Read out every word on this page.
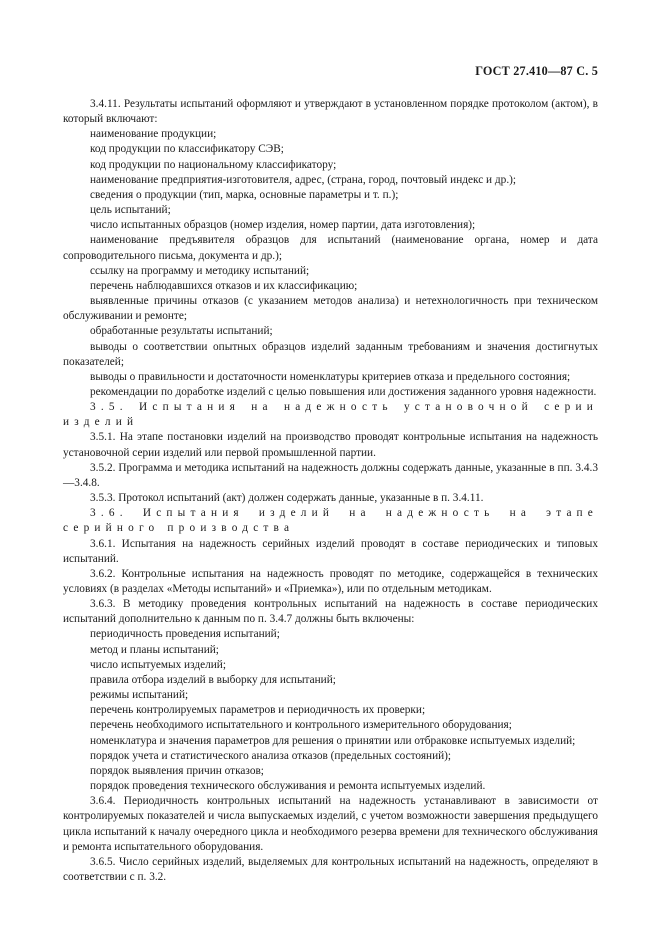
ГОСТ 27.410—87 С. 5

3.4.11. Результаты испытаний оформляют и утверждают в установленном порядке протоколом (актом), в который включают:

наименование продукции;

код продукции по классификатору СЭВ;

код продукции по национальному классификатору;

наименование предприятия-изготовителя, адрес, (страна, город, почтовый индекс и др.);

сведения о продукции (тип, марка, основные параметры и т. п.);

цель испытаний;

число испытанных образцов (номер изделия, номер партии, дата изготовления);

наименование предъявителя образцов для испытаний (наименование органа, номер и дата сопроводительного письма, документа и др.);

ссылку на программу и методику испытаний;

перечень наблюдавшихся отказов и их классификацию;

выявленные причины отказов (с указанием методов анализа) и нетехнологичность при техническом обслуживании и ремонте;

обработанные результаты испытаний;

выводы о соответствии опытных образцов изделий заданным требованиям и значения достигнутых показателей;

выводы о правильности и достаточности номенклатуры критериев отказа и предельного состояния;

рекомендации по доработке изделий с целью повышения или достижения заданного уровня надежности.

3.5. Испытания на надежность установочной серии изделий

3.5.1. На этапе постановки изделий на производство проводят контрольные испытания на надежность установочной серии изделий или первой промышленной партии.

3.5.2. Программа и методика испытаний на надежность должны содержать данные, указанные в пп. 3.4.3—3.4.8.

3.5.3. Протокол испытаний (акт) должен содержать данные, указанные в п. 3.4.11.

3.6. Испытания изделий на надежность на этапе серийного производства

3.6.1. Испытания на надежность серийных изделий проводят в составе периодических и типовых испытаний.

3.6.2. Контрольные испытания на надежность проводят по методике, содержащейся в технических условиях (в разделах «Методы испытаний» и «Приемка»), или по отдельным методикам.

3.6.3. В методику проведения контрольных испытаний на надежность в составе периодических испытаний дополнительно к данным по п. 3.4.7 должны быть включены:

периодичность проведения испытаний;

метод и планы испытаний;

число испытуемых изделий;

правила отбора изделий в выборку для испытаний;

режимы испытаний;

перечень контролируемых параметров и периодичность их проверки;

перечень необходимого испытательного и контрольного измерительного оборудования;

номенклатура и значения параметров для решения о принятии или отбраковке испытуемых изделий;

порядок учета и статистического анализа отказов (предельных состояний);

порядок выявления причин отказов;

порядок проведения технического обслуживания и ремонта испытуемых изделий.

3.6.4. Периодичность контрольных испытаний на надежность устанавливают в зависимости от контролируемых показателей и числа выпускаемых изделий, с учетом возможности завершения предыдущего цикла испытаний к началу очередного цикла и необходимого резерва времени для технического обслуживания и ремонта испытательного оборудования.

3.6.5. Число серийных изделий, выделяемых для контрольных испытаний на надежность, определяют в соответствии с п. 3.2.
